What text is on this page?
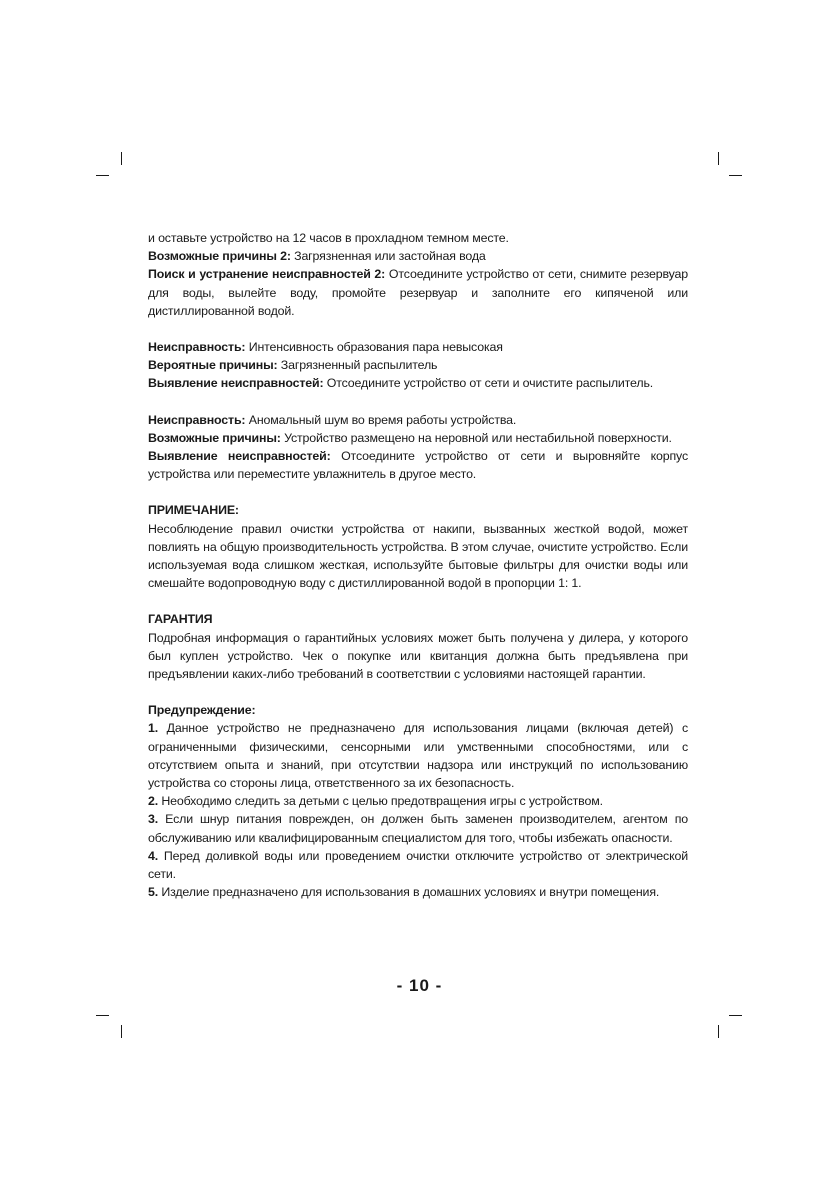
и оставьте устройство на 12 часов в прохладном темном месте.

Возможные причины 2: Загрязненная или застойная вода

Поиск и устранение неисправностей 2: Отсоедините устройство от сети, снимите резервуар для воды, вылейте воду, промойте резервуар и заполните его кипяченой или дистиллированной водой.

Неисправность: Интенсивность образования пара невысокая

Вероятные причины: Загрязненный распылитель

Выявление неисправностей: Отсоедините устройство от сети и очистите распылитель.

Неисправность: Аномальный шум во время работы устройства.

Возможные причины: Устройство размещено на неровной или нестабильной поверхности.

Выявление неисправностей: Отсоедините устройство от сети и выровняйте корпус устройства или переместите увлажнитель в другое место.

ПРИМЕЧАНИЕ:

Несоблюдение правил очистки устройства от накипи, вызванных жесткой водой, может повлиять на общую производительность устройства. В этом случае, очистите устройство. Если используемая вода слишком жесткая, используйте бытовые фильтры для очистки воды или смешайте водопроводную воду с дистиллированной водой в пропорции 1: 1.

ГАРАНТИЯ

Подробная информация о гарантийных условиях может быть получена у дилера, у которого был куплен устройство. Чек о покупке или квитанция должна быть предъявлена при предъявлении каких-либо требований в соответствии с условиями настоящей гарантии.

Предупреждение:

1. Данное устройство не предназначено для использования лицами (включая детей) с ограниченными физическими, сенсорными или умственными способностями, или с отсутствием опыта и знаний, при отсутствии надзора или инструкций по использованию устройства со стороны лица, ответственного за их безопасность.

2. Необходимо следить за детьми с целью предотвращения игры с устройством.

3. Если шнур питания поврежден, он должен быть заменен производителем, агентом по обслуживанию или квалифицированным специалистом для того, чтобы избежать опасности.

4. Перед доливкой воды или проведением очистки отключите устройство от электрической сети.

5. Изделие предназначено для использования в домашних условиях и внутри помещения.

- 10 -
